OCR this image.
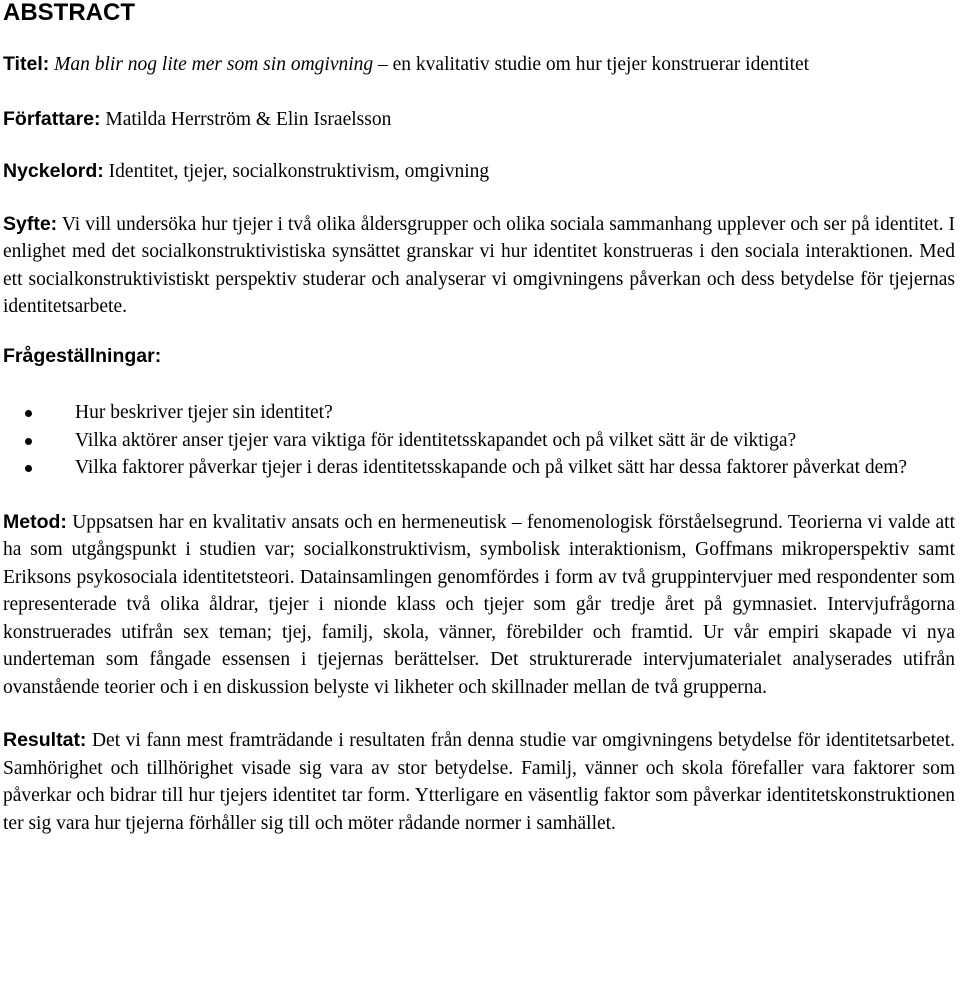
ABSTRACT

Titel: Man blir nog lite mer som sin omgivning – en kvalitativ studie om hur tjejer konstruerar identitet

Författare: Matilda Herrström & Elin Israelsson

Nyckelord: Identitet, tjejer, socialkonstruktivism, omgivning

Syfte: Vi vill undersöka hur tjejer i två olika åldersgrupper och olika sociala sammanhang upplever och ser på identitet. I enlighet med det socialkonstruktivistiska synsättet granskar vi hur identitet konstrueras i den sociala interaktionen. Med ett socialkonstruktivistiskt perspektiv studerar och analyserar vi omgivningens påverkan och dess betydelse för tjejernas identitetsarbete.

Frågeställningar:

Hur beskriver tjejer sin identitet?
Vilka aktörer anser tjejer vara viktiga för identitetsskapandet och på vilket sätt är de viktiga?
Vilka faktorer påverkar tjejer i deras identitetsskapande och på vilket sätt har dessa faktorer påverkat dem?

Metod: Uppsatsen har en kvalitativ ansats och en hermeneutisk – fenomenologisk förståelsegrund. Teorierna vi valde att ha som utgångspunkt i studien var; socialkonstruktivism, symbolisk interaktionism, Goffmans mikroperspektiv samt Eriksons psykosociala identitetsteori. Datainsamlingen genomfördes i form av två gruppintervjuer med respondenter som representerade två olika åldrar, tjejer i nionde klass och tjejer som går tredje året på gymnasiet. Intervjufrågorna konstruerades utifrån sex teman; tjej, familj, skola, vänner, förebilder och framtid. Ur vår empiri skapade vi nya underteman som fångade essensen i tjejernas berättelser. Det strukturerade intervjumaterialet analyserades utifrån ovanstående teorier och i en diskussion belyste vi likheter och skillnader mellan de två grupperna.

Resultat: Det vi fann mest framträdande i resultaten från denna studie var omgivningens betydelse för identitetsarbetet. Samhörighet och tillhörighet visade sig vara av stor betydelse. Familj, vänner och skola förefaller vara faktorer som påverkar och bidrar till hur tjejers identitet tar form. Ytterligare en väsentlig faktor som påverkar identitetskonstruktionen ter sig vara hur tjejerna förhåller sig till och möter rådande normer i samhället.
